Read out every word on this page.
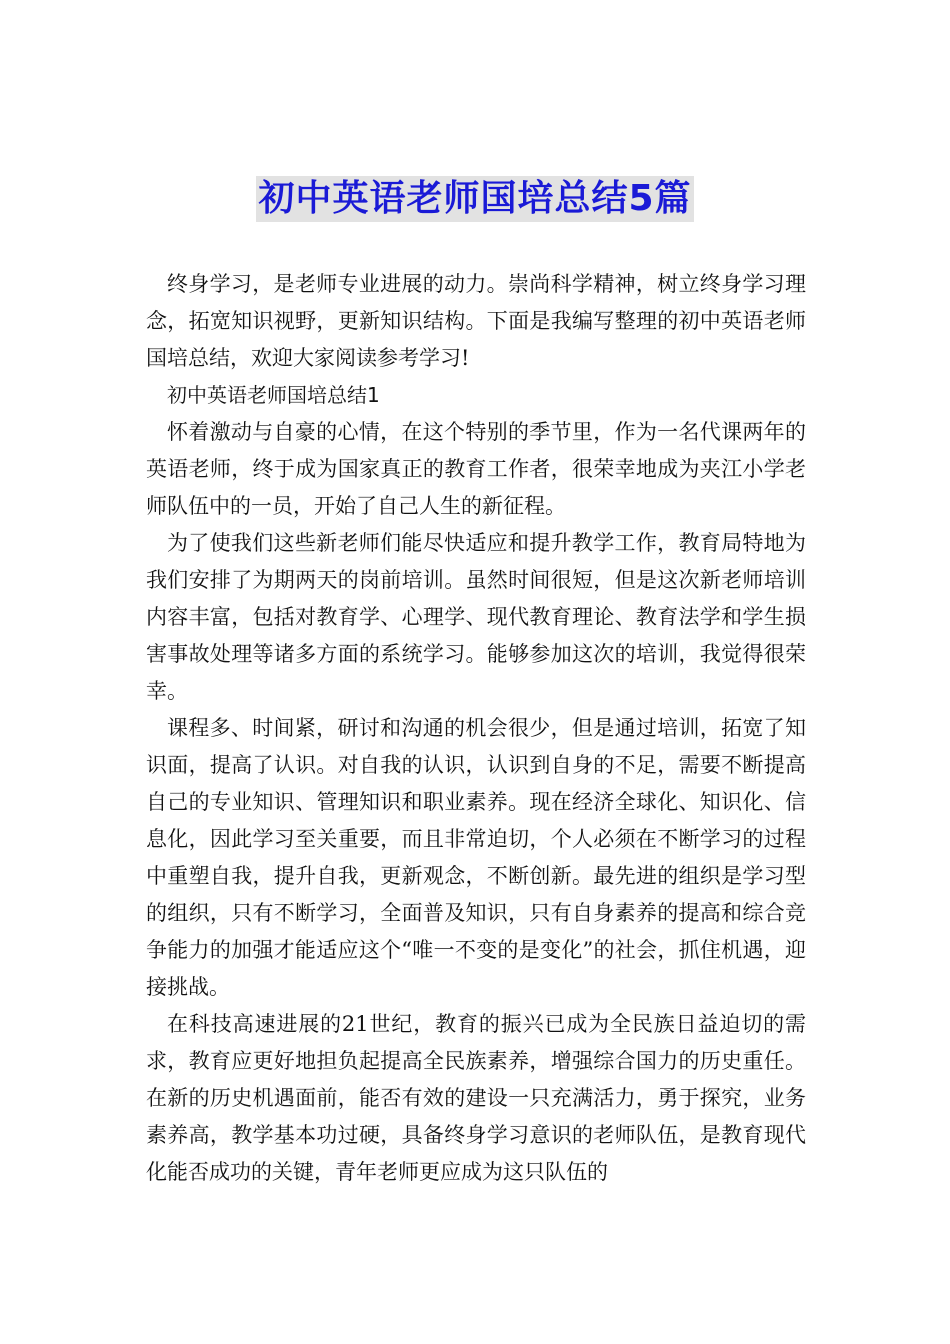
初中英语老师国培总结5篇

终身学习，是老师专业进展的动力。崇尚科学精神，树立终身学习理念，拓宽知识视野，更新知识结构。下面是我编写整理的初中英语老师国培总结，欢迎大家阅读参考学习!

初中英语老师国培总结1

怀着激动与自豪的心情，在这个特别的季节里，作为一名代课两年的英语老师，终于成为国家真正的教育工作者，很荣幸地成为夹江小学老师队伍中的一员，开始了自己人生的新征程。

为了使我们这些新老师们能尽快适应和提升教学工作，教育局特地为我们安排了为期两天的岗前培训。虽然时间很短，但是这次新老师培训内容丰富，包括对教育学、心理学、现代教育理论、教育法学和学生损害事故处理等诸多方面的系统学习。能够参加这次的培训，我觉得很荣幸。

课程多、时间紧，研讨和沟通的机会很少，但是通过培训，拓宽了知识面，提高了认识。对自我的认识，认识到自身的不足，需要不断提高自己的专业知识、管理知识和职业素养。现在经济全球化、知识化、信息化，因此学习至关重要，而且非常迫切，个人必须在不断学习的过程中重塑自我，提升自我，更新观念，不断创新。最先进的组织是学习型的组织，只有不断学习，全面普及知识，只有自身素养的提高和综合竞争能力的加强才能适应这个“唯一不变的是变化”的社会，抓住机遇，迎接挑战。

在科技高速进展的21世纪，教育的振兴已成为全民族日益迫切的需求，教育应更好地担负起提高全民族素养，增强综合国力的历史重任。在新的历史机遇面前，能否有效的建设一只充满活力，勇于探究，业务素养高，教学基本功过硬，具备终身学习意识的老师队伍，是教育现代化能否成功的关键，青年老师更应成为这只队伍的
